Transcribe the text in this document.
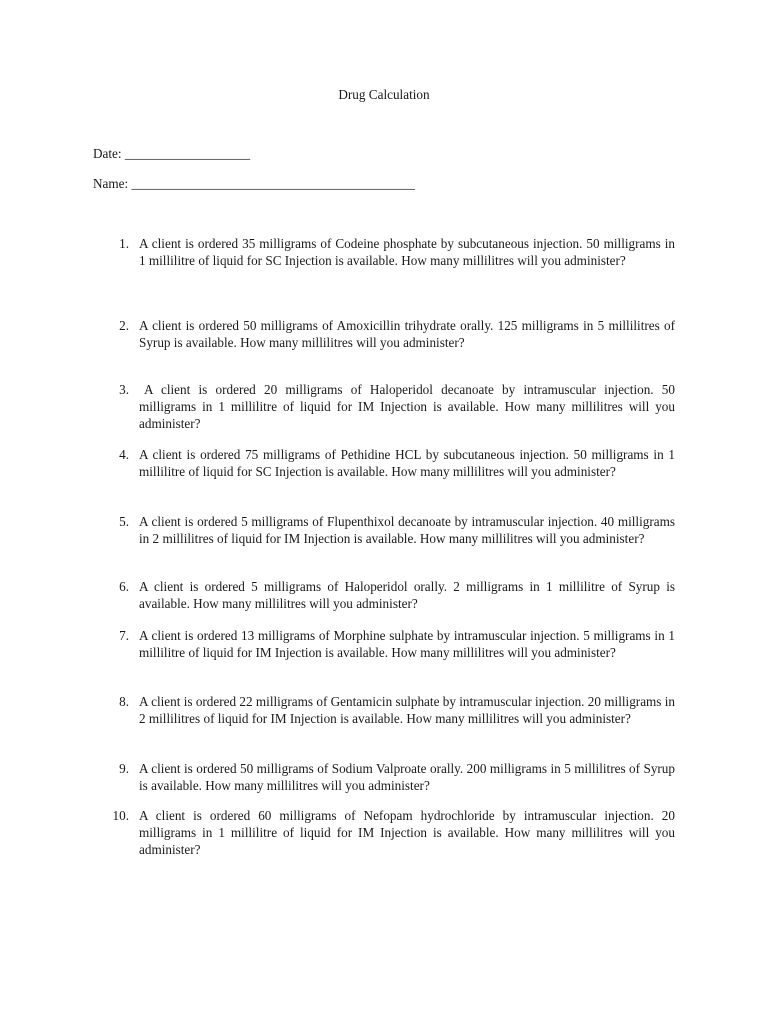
Drug Calculation
Date: ___________________
Name: ___________________________________________
1. A client is ordered 35 milligrams of Codeine phosphate by subcutaneous injection. 50 milligrams in 1 millilitre of liquid for SC Injection is available. How many millilitres will you administer?
2. A client is ordered 50 milligrams of Amoxicillin trihydrate orally. 125 milligrams in 5 millilitres of Syrup is available. How many millilitres will you administer?
3.	A client is ordered 20 milligrams of Haloperidol decanoate by intramuscular injection. 50 milligrams in 1 millilitre of liquid for IM Injection is available. How many millilitres will you administer?
4. A client is ordered 75 milligrams of Pethidine HCL by subcutaneous injection. 50 milligrams in 1 millilitre of liquid for SC Injection is available. How many millilitres will you administer?
5. A client is ordered 5 milligrams of Flupenthixol decanoate by intramuscular injection. 40 milligrams in 2 millilitres of liquid for IM Injection is available. How many millilitres will you administer?
6. A client is ordered 5 milligrams of Haloperidol orally. 2 milligrams in 1 millilitre of Syrup is available. How many millilitres will you administer?
7. A client is ordered 13 milligrams of Morphine sulphate by intramuscular injection. 5 milligrams in 1 millilitre of liquid for IM Injection is available. How many millilitres will you administer?
8. A client is ordered 22 milligrams of Gentamicin sulphate by intramuscular injection. 20 milligrams in 2 millilitres of liquid for IM Injection is available. How many millilitres will you administer?
9. A client is ordered 50 milligrams of Sodium Valproate orally. 200 milligrams in 5 millilitres of Syrup is available. How many millilitres will you administer?
10. A client is ordered 60 milligrams of Nefopam hydrochloride by intramuscular injection. 20 milligrams in 1 millilitre of liquid for IM Injection is available. How many millilitres will you administer?
